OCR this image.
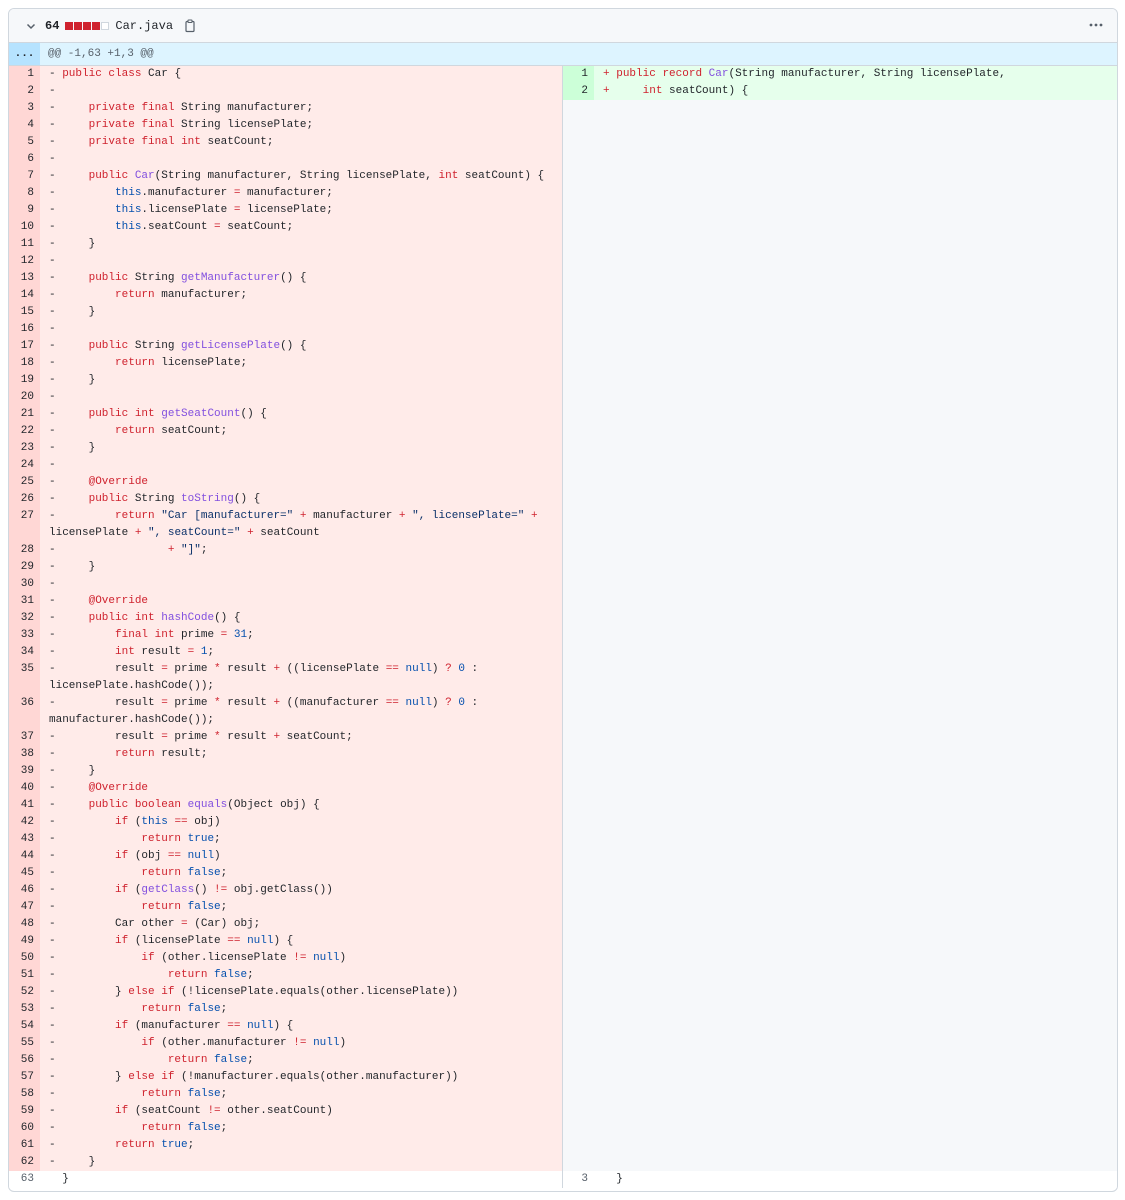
64	Car.java
...	@@ -1,63 +1,3 @@
1	- public class Car {
2	-
3	-     private final String manufacturer;
4	-     private final String licensePlate;
5	-     private final int seatCount;
6	-
7	-     public Car(String manufacturer, String licensePlate, int seatCount) {
8	-         this.manufacturer = manufacturer;
9	-         this.licensePlate = licensePlate;
10	-         this.seatCount = seatCount;
11	-     }
12	-
13	-     public String getManufacturer() {
14	-         return manufacturer;
15	-     }
16	-
17	-     public String getLicensePlate() {
18	-         return licensePlate;
19	-     }
20	-
21	-     public int getSeatCount() {
22	-         return seatCount;
23	-     }
24	-
25	-     @Override
26	-     public String toString() {
27	-         return "Car [manufacturer=" + manufacturer + ", licensePlate=" + licensePlate + ", seatCount=" + seatCount
28	-                 + "]";
29	-     }
30	-
31	-     @Override
32	-     public int hashCode() {
33	-         final int prime = 31;
34	-         int result = 1;
35	-         result = prime * result + ((licensePlate == null) ? 0 : licensePlate.hashCode());
36	-         result = prime * result + ((manufacturer == null) ? 0 : manufacturer.hashCode());
37	-         result = prime * result + seatCount;
38	-         return result;
39	-     }
40	-     @Override
41	-     public boolean equals(Object obj) {
42	-         if (this == obj)
43	-             return true;
44	-         if (obj == null)
45	-             return false;
46	-         if (getClass() != obj.getClass())
47	-             return false;
48	-         Car other = (Car) obj;
49	-         if (licensePlate == null) {
50	-             if (other.licensePlate != null)
51	-                 return false;
52	-         } else if (!licensePlate.equals(other.licensePlate))
53	-             return false;
54	-         if (manufacturer == null) {
55	-             if (other.manufacturer != null)
56	-                 return false;
57	-         } else if (!manufacturer.equals(other.manufacturer))
58	-             return false;
59	-         if (seatCount != other.seatCount)
60	-             return false;
61	-         return true;
62	-     }
63	}
1	+ public record Car(String manufacturer, String licensePlate,
2	+	int seatCount) {
3	}
